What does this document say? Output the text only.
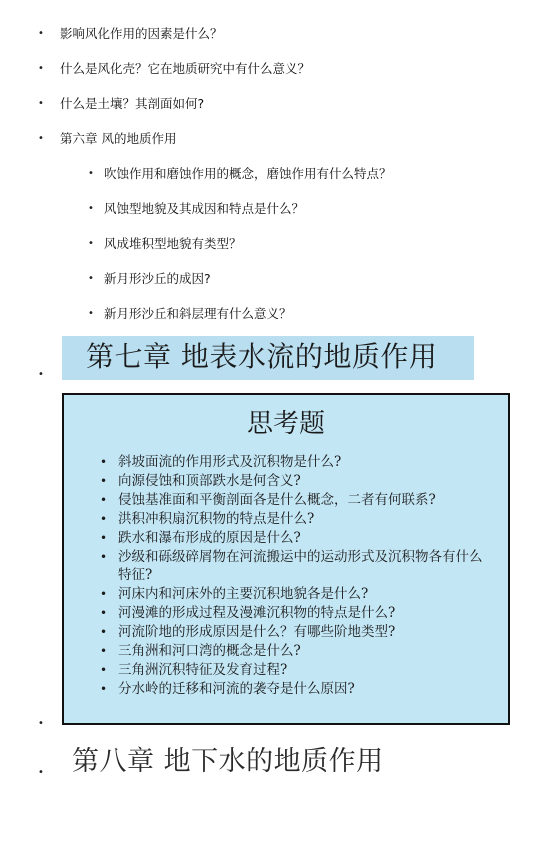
• 影响风化作用的因素是什么？
• 什么是风化壳？它在地质研究中有什么意义？
• 什么是土壤？其剖面如何?
• 第六章 风的地质作用
• 吹蚀作用和磨蚀作用的概念，磨蚀作用有什么特点？
• 风蚀型地貌及其成因和特点是什么？
• 风成堆积型地貌有类型？
• 新月形沙丘的成因?
• 新月形沙丘和斜层理有什么意义？
•
第七章 地表水流的地质作用
•
思考题
• 斜坡面流的作用形式及沉积物是什么?
• 向源侵蚀和顶部跌水是何含义?
• 侵蚀基准面和平衡剖面各是什么概念，二者有何联系?
• 洪积冲积扇沉积物的特点是什么?
• 跌水和瀑布形成的原因是什么?
• 沙级和砾级碎屑物在河流搬运中的运动形式及沉积物各有什么特征?
• 河床内和河床外的主要沉积地貌各是什么?
• 河漫滩的形成过程及漫滩沉积物的特点是什么?
• 河流阶地的形成原因是什么？有哪些阶地类型?
• 三角洲和河口湾的概念是什么?
• 三角洲沉积特征及发育过程?
• 分水岭的迁移和河流的袭夺是什么原因?
• 第八章 地下水的地质作用
